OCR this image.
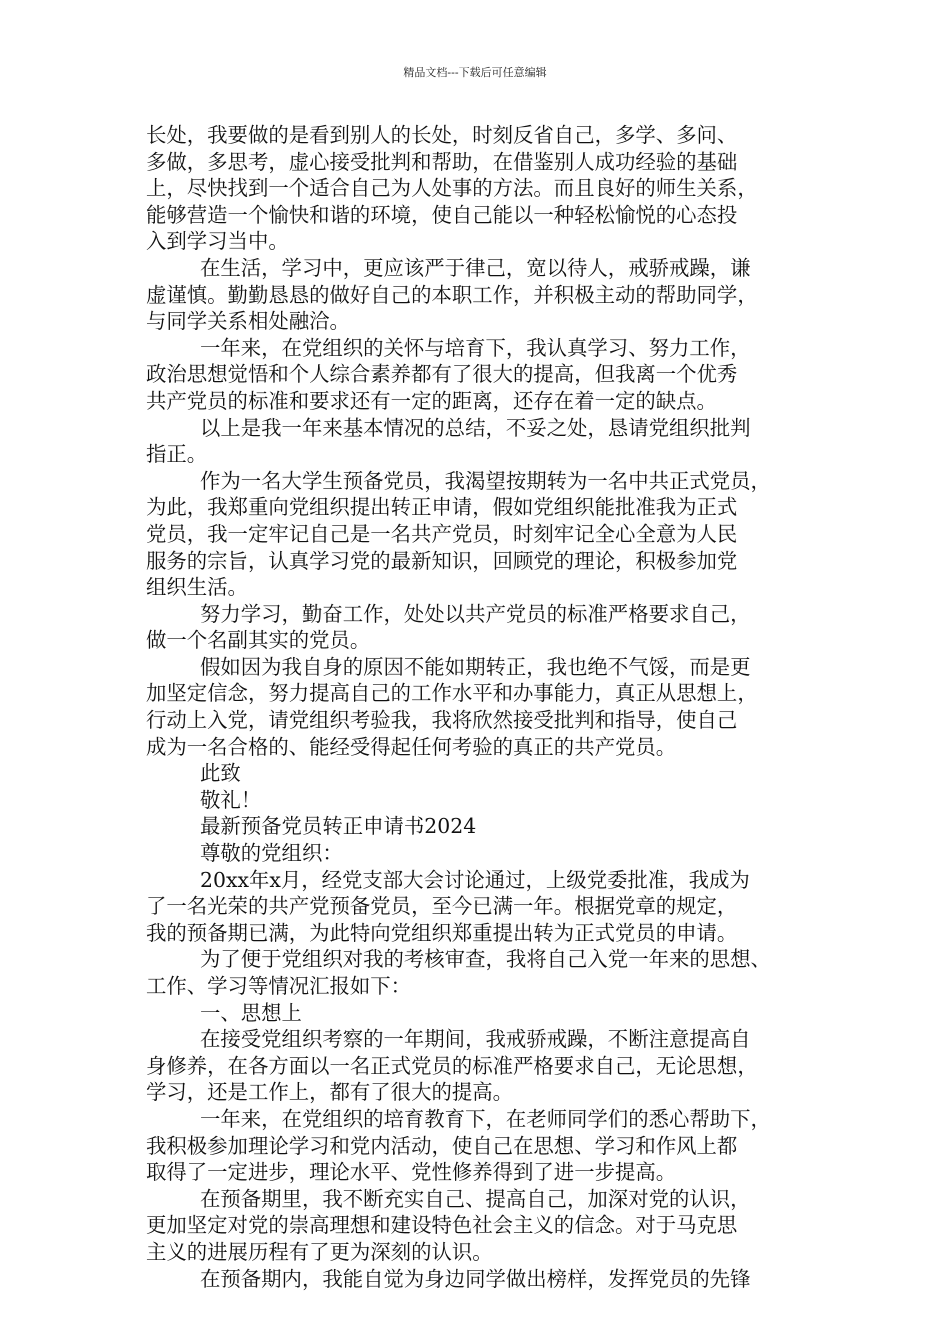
精品文档---下载后可任意编辑
长处，我要做的是看到别人的长处，时刻反省自己，多学、多问、
多做，多思考，虚心接受批判和帮助，在借鉴别人成功经验的基础
上，尽快找到一个适合自己为人处事的方法。而且良好的师生关系，
能够营造一个愉快和谐的环境，使自己能以一种轻松愉悦的心态投
入到学习当中。
在生活，学习中，更应该严于律己，宽以待人，戒骄戒躁，谦
虚谨慎。勤勤恳恳的做好自己的本职工作，并积极主动的帮助同学，
与同学关系相处融洽。
一年来，在党组织的关怀与培育下，我认真学习、努力工作，
政治思想觉悟和个人综合素养都有了很大的提高，但我离一个优秀
共产党员的标准和要求还有一定的距离，还存在着一定的缺点。
以上是我一年来基本情况的总结，不妥之处，恳请党组织批判
指正。
作为一名大学生预备党员，我渴望按期转为一名中共正式党员，
为此，我郑重向党组织提出转正申请，假如党组织能批准我为正式
党员，我一定牢记自己是一名共产党员，时刻牢记全心全意为人民
服务的宗旨，认真学习党的最新知识，回顾党的理论，积极参加党
组织生活。
努力学习，勤奋工作，处处以共产党员的标准严格要求自己，
做一个名副其实的党员。
假如因为我自身的原因不能如期转正，我也绝不气馁，而是更
加坚定信念，努力提高自己的工作水平和办事能力，真正从思想上，
行动上入党，请党组织考验我，我将欣然接受批判和指导，使自己
成为一名合格的、能经受得起任何考验的真正的共产党员。
此致
敬礼！
最新预备党员转正申请书2024
尊敬的党组织：
20xx年x月，经党支部大会讨论通过，上级党委批准，我成为
了一名光荣的共产党预备党员，至今已满一年。根据党章的规定，
我的预备期已满，为此特向党组织郑重提出转为正式党员的申请。
为了便于党组织对我的考核审查，我将自己入党一年来的思想、
工作、学习等情况汇报如下：
一、思想上
在接受党组织考察的一年期间，我戒骄戒躁，不断注意提高自
身修养，在各方面以一名正式党员的标准严格要求自己，无论思想，
学习，还是工作上，都有了很大的提高。
一年来，在党组织的培育教育下，在老师同学们的悉心帮助下，
我积极参加理论学习和党内活动，使自己在思想、学习和作风上都
取得了一定进步，理论水平、党性修养得到了进一步提高。
在预备期里，我不断充实自己、提高自己，加深对党的认识，
更加坚定对党的崇高理想和建设特色社会主义的信念。对于马克思
主义的进展历程有了更为深刻的认识。
在预备期内，我能自觉为身边同学做出榜样，发挥党员的先锋
